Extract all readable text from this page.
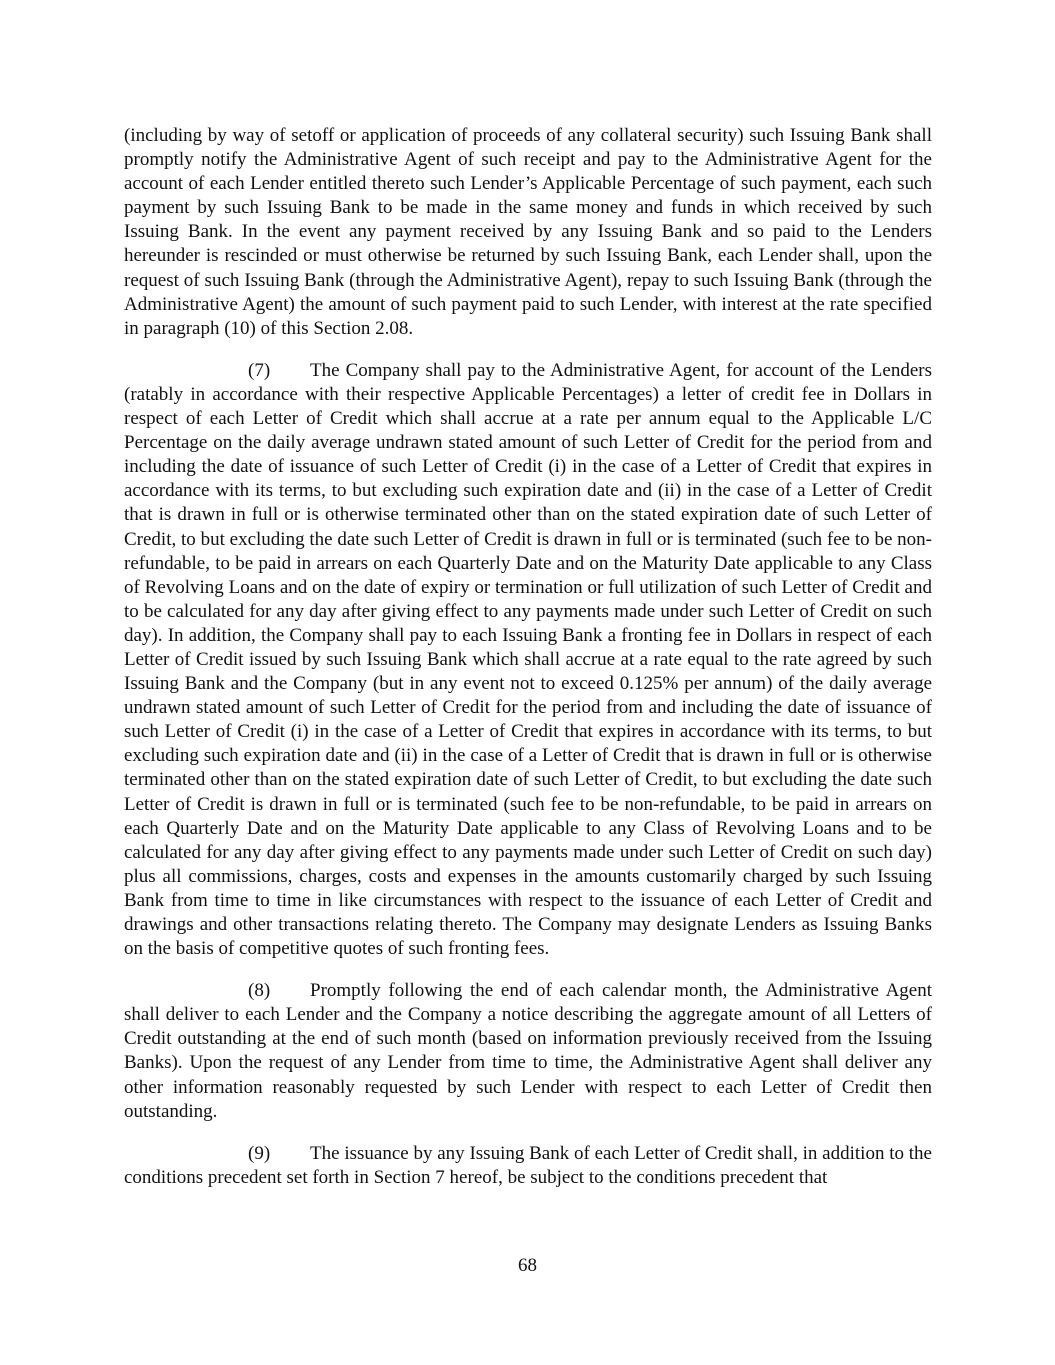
(including by way of setoff or application of proceeds of any collateral security) such Issuing Bank shall promptly notify the Administrative Agent of such receipt and pay to the Administrative Agent for the account of each Lender entitled thereto such Lender’s Applicable Percentage of such payment, each such payment by such Issuing Bank to be made in the same money and funds in which received by such Issuing Bank. In the event any payment received by any Issuing Bank and so paid to the Lenders hereunder is rescinded or must otherwise be returned by such Issuing Bank, each Lender shall, upon the request of such Issuing Bank (through the Administrative Agent), repay to such Issuing Bank (through the Administrative Agent) the amount of such payment paid to such Lender, with interest at the rate specified in paragraph (10) of this Section 2.08.

(7) The Company shall pay to the Administrative Agent, for account of the Lenders (ratably in accordance with their respective Applicable Percentages) a letter of credit fee in Dollars in respect of each Letter of Credit which shall accrue at a rate per annum equal to the Applicable L/C Percentage on the daily average undrawn stated amount of such Letter of Credit for the period from and including the date of issuance of such Letter of Credit (i) in the case of a Letter of Credit that expires in accordance with its terms, to but excluding such expiration date and (ii) in the case of a Letter of Credit that is drawn in full or is otherwise terminated other than on the stated expiration date of such Letter of Credit, to but excluding the date such Letter of Credit is drawn in full or is terminated (such fee to be non-refundable, to be paid in arrears on each Quarterly Date and on the Maturity Date applicable to any Class of Revolving Loans and on the date of expiry or termination or full utilization of such Letter of Credit and to be calculated for any day after giving effect to any payments made under such Letter of Credit on such day). In addition, the Company shall pay to each Issuing Bank a fronting fee in Dollars in respect of each Letter of Credit issued by such Issuing Bank which shall accrue at a rate equal to the rate agreed by such Issuing Bank and the Company (but in any event not to exceed 0.125% per annum) of the daily average undrawn stated amount of such Letter of Credit for the period from and including the date of issuance of such Letter of Credit (i) in the case of a Letter of Credit that expires in accordance with its terms, to but excluding such expiration date and (ii) in the case of a Letter of Credit that is drawn in full or is otherwise terminated other than on the stated expiration date of such Letter of Credit, to but excluding the date such Letter of Credit is drawn in full or is terminated (such fee to be non-refundable, to be paid in arrears on each Quarterly Date and on the Maturity Date applicable to any Class of Revolving Loans and to be calculated for any day after giving effect to any payments made under such Letter of Credit on such day) plus all commissions, charges, costs and expenses in the amounts customarily charged by such Issuing Bank from time to time in like circumstances with respect to the issuance of each Letter of Credit and drawings and other transactions relating thereto. The Company may designate Lenders as Issuing Banks on the basis of competitive quotes of such fronting fees.

(8) Promptly following the end of each calendar month, the Administrative Agent shall deliver to each Lender and the Company a notice describing the aggregate amount of all Letters of Credit outstanding at the end of such month (based on information previously received from the Issuing Banks). Upon the request of any Lender from time to time, the Administrative Agent shall deliver any other information reasonably requested by such Lender with respect to each Letter of Credit then outstanding.

(9) The issuance by any Issuing Bank of each Letter of Credit shall, in addition to the conditions precedent set forth in Section 7 hereof, be subject to the conditions precedent that

68
